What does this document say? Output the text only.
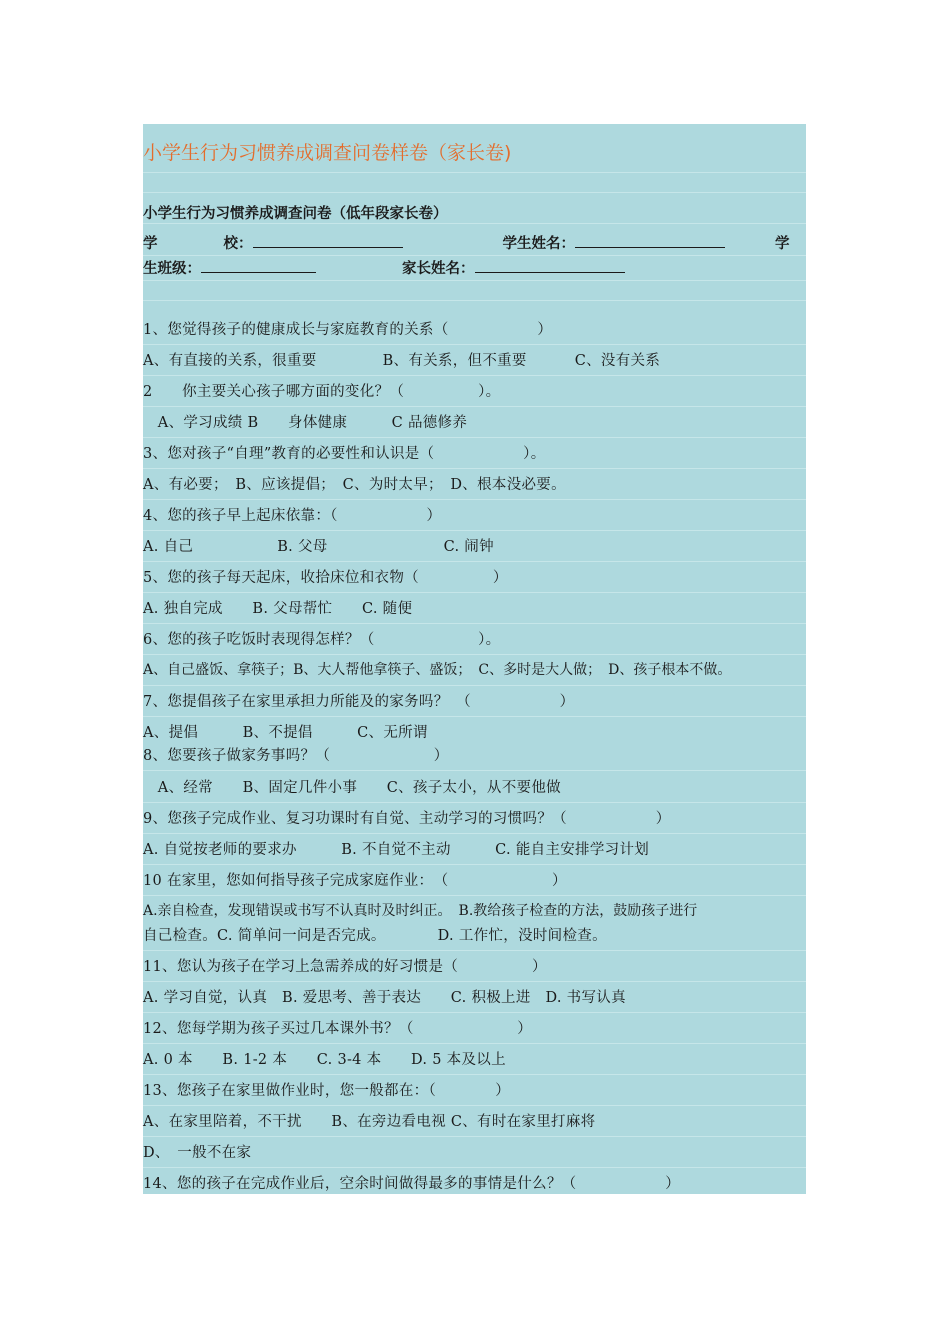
小学生行为习惯养成调查问卷样卷（家长卷)
小学生行为习惯养成调查问卷（低年段家长卷）
学	校：	学生姓名：	学
生班级：	家长姓名：
1、您觉得孩子的健康成长与家庭教育的关系（　　　　　　）
A、有直接的关系，很重要	B、有关系，但不重要	C、没有关系
2　　你主要关心孩子哪方面的变化？（　　　　　）。
　A、学习成绩 B　　身体健康　　　C 品德修养
3、您对孩子“自理”教育的必要性和认识是（　　　　　　）。
A、有必要；　B、应该提倡；　C、为时太早；　D、根本没必要。
4、您的孩子早上起床依靠：（　　　　　　）
A. 自己	B. 父母	C. 闹钟
5、您的孩子每天起床，收拾床位和衣物（　　　　　）
A. 独自完成　　B. 父母帮忙　　C. 随便
6、您的孩子吃饭时表现得怎样？（　　　　　　　）。
A、自己盛饭、拿筷子；B、大人帮他拿筷子、盛饭；　C、多时是大人做；　D、孩子根本不做。
7、您提倡孩子在家里承担力所能及的家务吗？　（　　　　　　）
A、提倡　　　B、不提倡　　　C、无所谓
8、您要孩子做家务事吗？（　　　　　　　）
　A、经常　　B、固定几件小事　　C、孩子太小，从不要他做
9、您孩子完成作业、复习功课时有自觉、主动学习的习惯吗？（　　　　　　）
A. 自觉按老师的要求办　　　B. 不自觉不主动　　　C. 能自主安排学习计划
10 在家里，您如何指导孩子完成家庭作业：　（　　　　　　　）
A.亲自检查，发现错误或书写不认真时及时纠正。　B.教给孩子检查的方法，鼓励孩子进行
自己检查。C. 简单问一问是否完成。　　　　D. 工作忙，没时间检查。
11、您认为孩子在学习上急需养成的好习惯是（　　　　　）
A. 学习自觉，认真　B. 爱思考、善于表达　　C. 积极上进　D. 书写认真
12、您每学期为孩子买过几本课外书？（　　　　　　　）
A. 0 本　　B. 1-2 本　　C. 3-4 本　　D. 5 本及以上
13、您孩子在家里做作业时，您一般都在：（　　　　）
A、在家里陪着，不干扰　　B、在旁边看电视 C、有时在家里打麻将
D、　一般不在家
14、您的孩子在完成作业后，空余时间做得最多的事情是什么？（　　　　　　）
